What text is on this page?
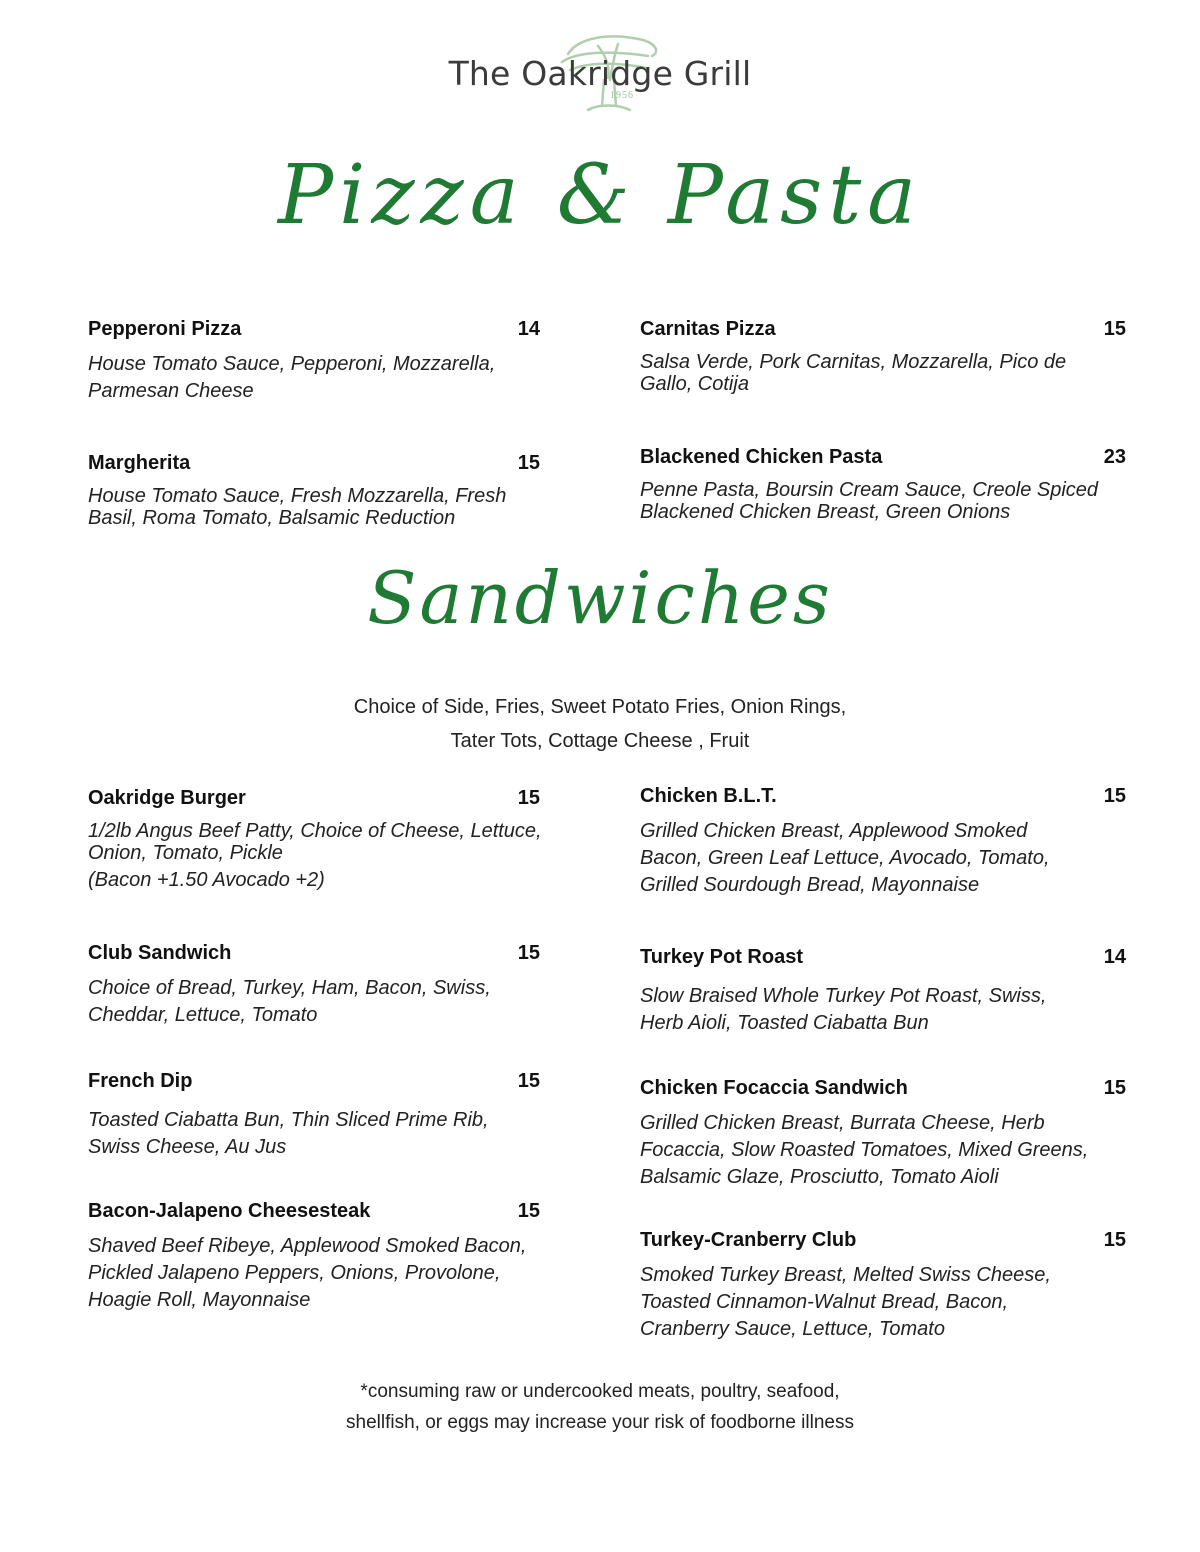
The Oakridge Grill
1956
Pizza & Pasta
Pepperoni Pizza	14
House Tomato Sauce, Pepperoni, Mozzarella, Parmesan Cheese
Carnitas Pizza	15
Salsa Verde, Pork Carnitas, Mozzarella, Pico de Gallo, Cotija
Margherita	15
House Tomato Sauce, Fresh Mozzarella, Fresh Basil, Roma Tomato, Balsamic Reduction
Blackened Chicken Pasta	23
Penne Pasta, Boursin Cream Sauce, Creole Spiced Blackened Chicken Breast, Green Onions
Sandwiches
Choice of Side, Fries, Sweet Potato Fries, Onion Rings,
Tater Tots, Cottage Cheese , Fruit
Oakridge Burger	15
1/2lb Angus Beef Patty, Choice of Cheese, Lettuce, Onion, Tomato, Pickle
(Bacon +1.50 Avocado +2)
Chicken B.L.T.	15
Grilled Chicken Breast, Applewood Smoked Bacon, Green Leaf Lettuce, Avocado, Tomato, Grilled Sourdough Bread, Mayonnaise
Club Sandwich	15
Choice of Bread, Turkey, Ham, Bacon, Swiss, Cheddar, Lettuce, Tomato
Turkey Pot Roast	14
Slow Braised Whole Turkey Pot Roast, Swiss, Herb Aioli, Toasted Ciabatta Bun
French Dip	15
Toasted Ciabatta Bun, Thin Sliced Prime Rib, Swiss Cheese, Au Jus
Chicken Focaccia Sandwich	15
Grilled Chicken Breast, Burrata Cheese, Herb Focaccia, Slow Roasted Tomatoes, Mixed Greens, Balsamic Glaze, Prosciutto, Tomato Aioli
Bacon-Jalapeno Cheesesteak	15
Shaved Beef Ribeye, Applewood Smoked Bacon, Pickled Jalapeno Peppers, Onions, Provolone, Hoagie Roll, Mayonnaise
Turkey-Cranberry Club	15
Smoked Turkey Breast, Melted Swiss Cheese, Toasted Cinnamon-Walnut Bread, Bacon, Cranberry Sauce, Lettuce, Tomato
*consuming raw or undercooked meats, poultry, seafood,
shellfish, or eggs may increase your risk of foodborne illness
